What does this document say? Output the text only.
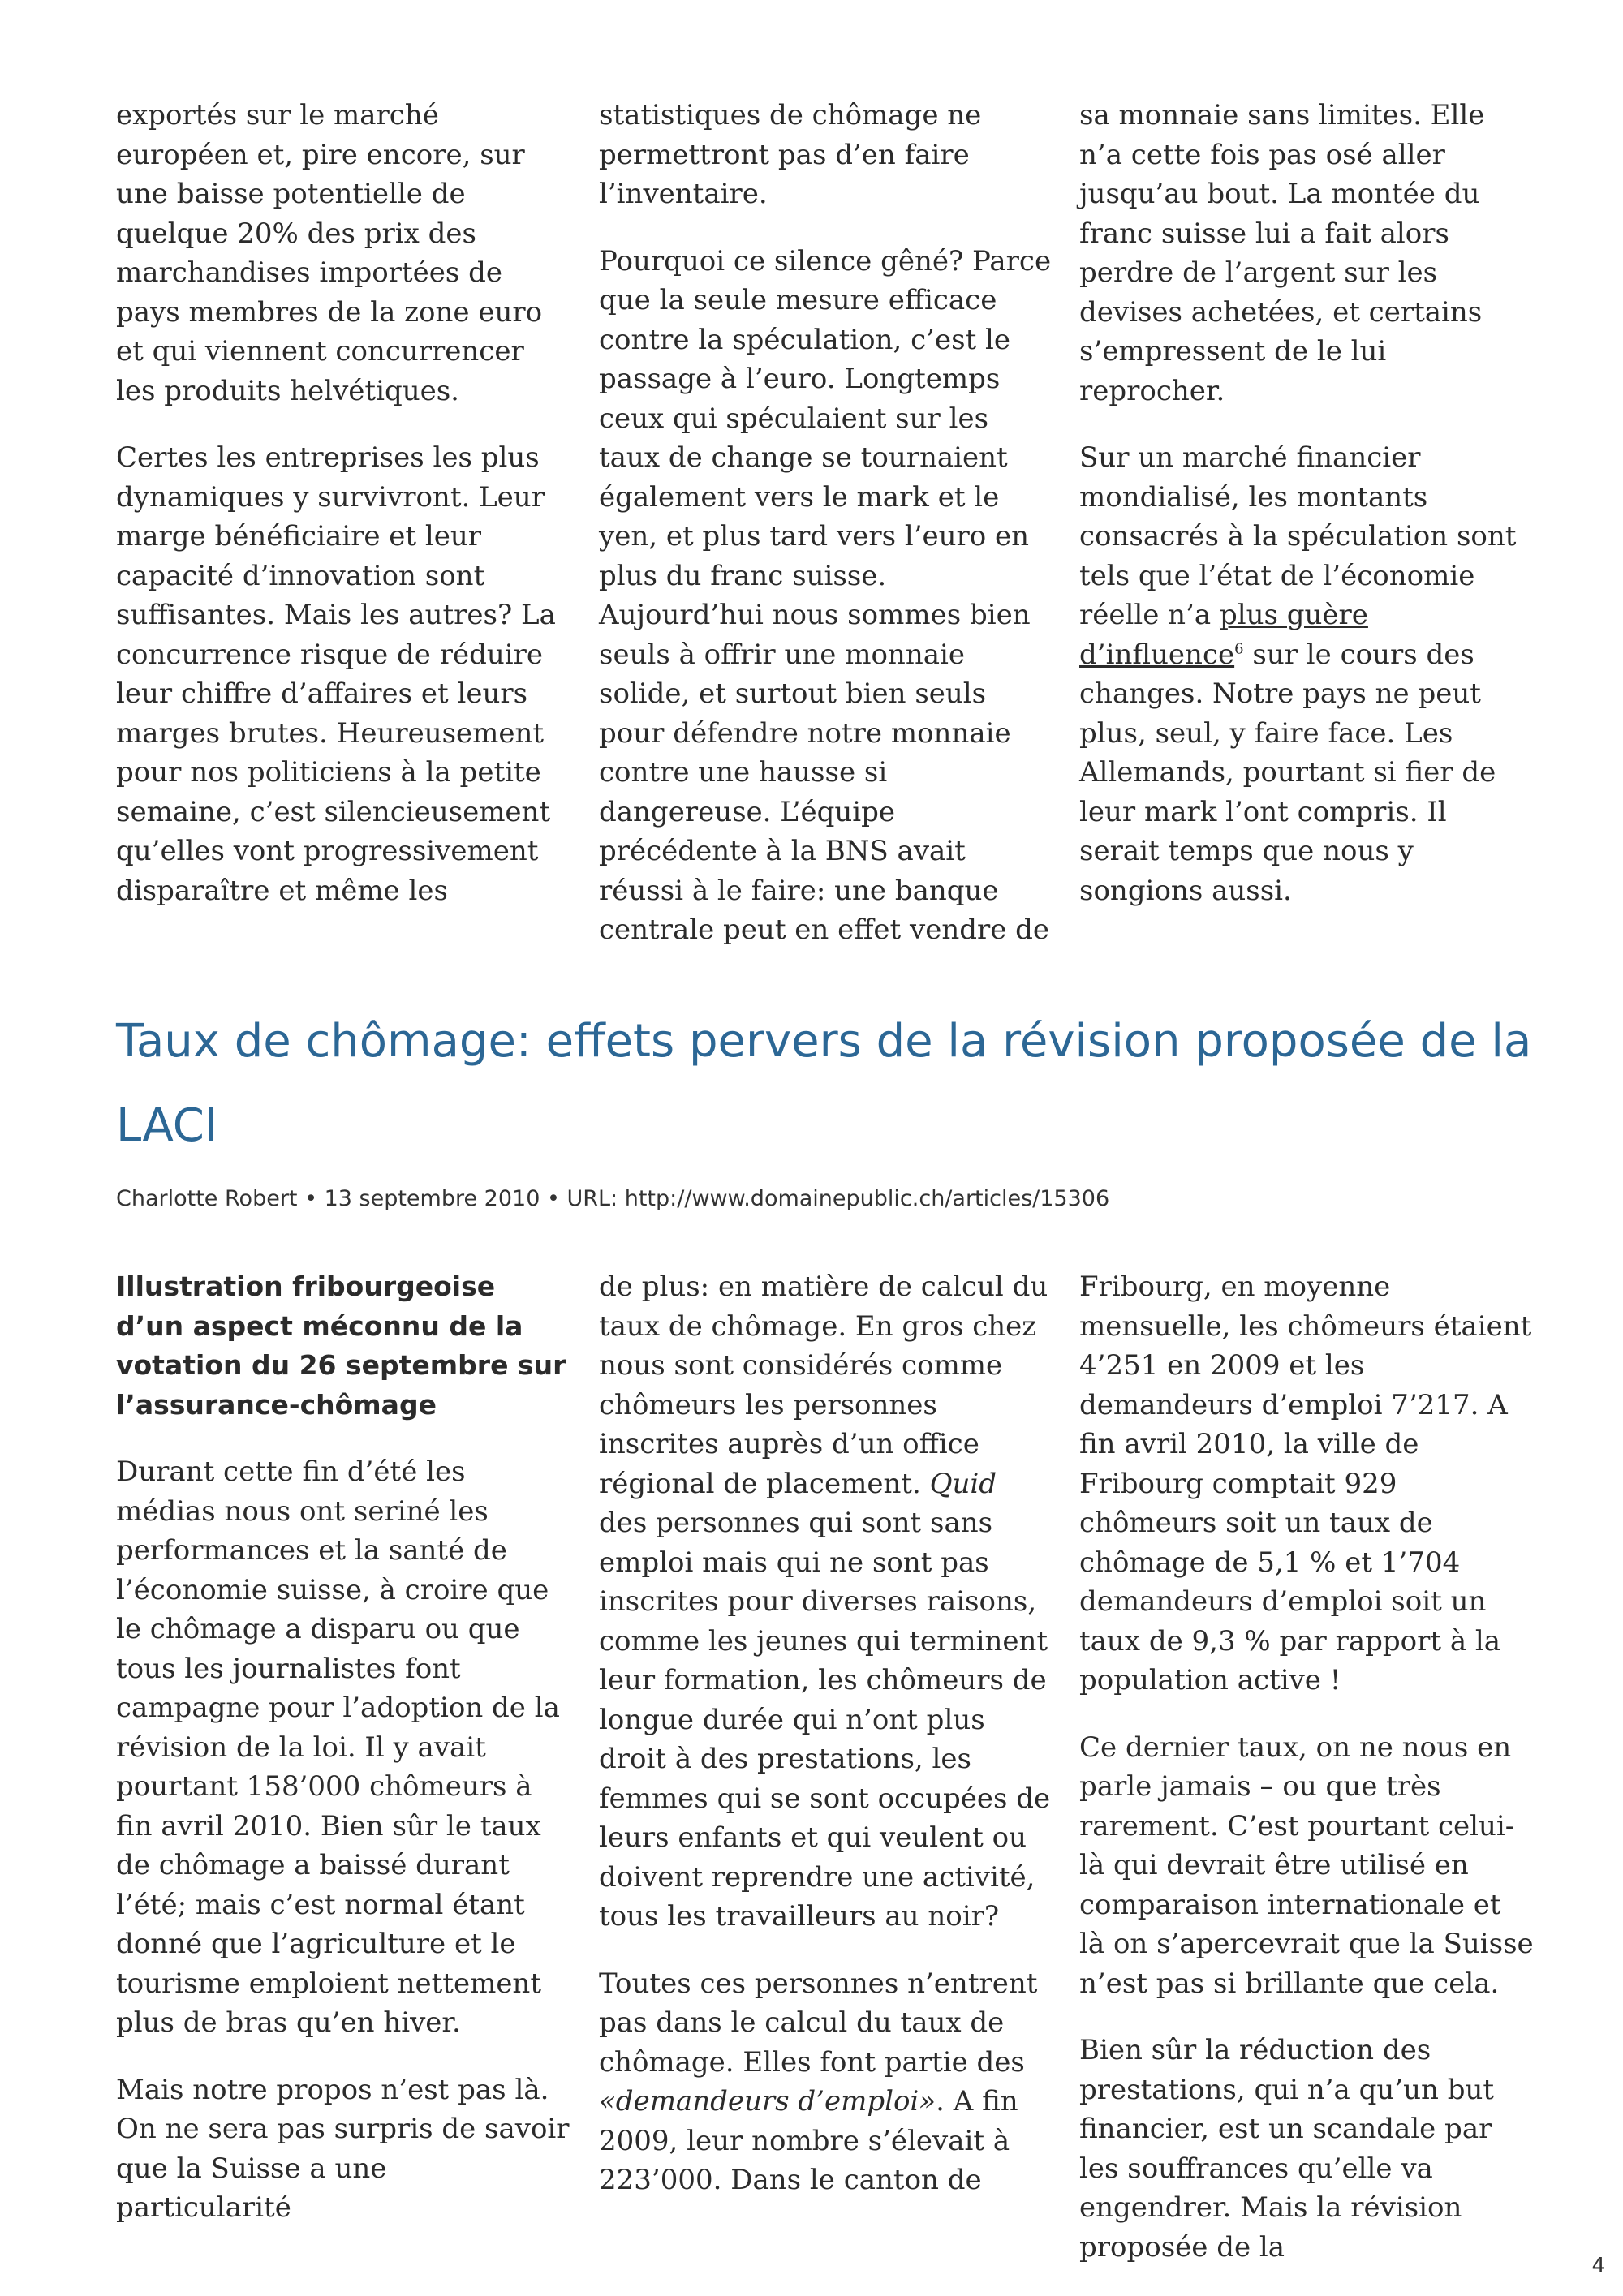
exportés sur le marché européen et, pire encore, sur une baisse potentielle de quelque 20% des prix des marchandises importées de pays membres de la zone euro et qui viennent concurrencer les produits helvétiques.

Certes les entreprises les plus dynamiques y survivront. Leur marge bénéficiaire et leur capacité d’innovation sont suffisantes. Mais les autres? La concurrence risque de réduire leur chiffre d’affaires et leurs marges brutes. Heureusement pour nos politiciens à la petite semaine, c’est silencieusement qu’elles vont progressivement disparaître et même les

statistiques de chômage ne permettront pas d’en faire l’inventaire.

Pourquoi ce silence gêné? Parce que la seule mesure efficace contre la spéculation, c’est le passage à l’euro. Longtemps ceux qui spéculaient sur les taux de change se tournaient également vers le mark et le yen, et plus tard vers l’euro en plus du franc suisse. Aujourd’hui nous sommes bien seuls à offrir une monnaie solide, et surtout bien seuls pour défendre notre monnaie contre une hausse si dangereuse. L’équipe précédente à la BNS avait réussi à le faire: une banque centrale peut en effet vendre de

sa monnaie sans limites. Elle n’a cette fois pas osé aller jusqu’au bout. La montée du franc suisse lui a fait alors perdre de l’argent sur les devises achetées, et certains s’empressent de le lui reprocher.

Sur un marché financier mondialisé, les montants consacrés à la spéculation sont tels que l’état de l’économie réelle n’a plus guère d’influence$^6$ sur le cours des changes. Notre pays ne peut plus, seul, y faire face. Les Allemands, pourtant si fier de leur mark l’ont compris. Il serait temps que nous y songions aussi.

Taux de chômage: effets pervers de la révision proposée de la LACI
Charlotte Robert • 13 septembre 2010 • URL: http://www.domainepublic.ch/articles/15306

Illustration fribourgeoise d’un aspect méconnu de la votation du 26 septembre sur l’assurance-chômage

Durant cette fin d’été les médias nous ont seriné les performances et la santé de l’économie suisse, à croire que le chômage a disparu ou que tous les journalistes font campagne pour l’adoption de la révision de la loi. Il y avait pourtant 158’000 chômeurs à fin avril 2010. Bien sûr le taux de chômage a baissé durant l’été; mais c’est normal étant donné que l’agriculture et le tourisme emploient nettement plus de bras qu’en hiver.

Mais notre propos n’est pas là. On ne sera pas surpris de savoir que la Suisse a une particularité

de plus: en matière de calcul du taux de chômage. En gros chez nous sont considérés comme chômeurs les personnes inscrites auprès d’un office régional de placement. Quid des personnes qui sont sans emploi mais qui ne sont pas inscrites pour diverses raisons, comme les jeunes qui terminent leur formation, les chômeurs de longue durée qui n’ont plus droit à des prestations, les femmes qui se sont occupées de leurs enfants et qui veulent ou doivent reprendre une activité, tous les travailleurs au noir?

Toutes ces personnes n’entrent pas dans le calcul du taux de chômage. Elles font partie des «demandeurs d’emploi». A fin 2009, leur nombre s’élevait à 223’000. Dans le canton de

Fribourg, en moyenne mensuelle, les chômeurs étaient 4’251 en 2009 et les demandeurs d’emploi 7’217. A fin avril 2010, la ville de Fribourg comptait 929 chômeurs soit un taux de chômage de 5,1 % et 1’704 demandeurs d’emploi soit un taux de 9,3 % par rapport à la population active !

Ce dernier taux, on ne nous en parle jamais – ou que très rarement. C’est pourtant celui-là qui devrait être utilisé en comparaison internationale et là on s’apercevrait que la Suisse n’est pas si brillante que cela.

Bien sûr la réduction des prestations, qui n’a qu’un but financier, est un scandale par les souffrances qu’elle va engendrer. Mais la révision proposée de la

4
